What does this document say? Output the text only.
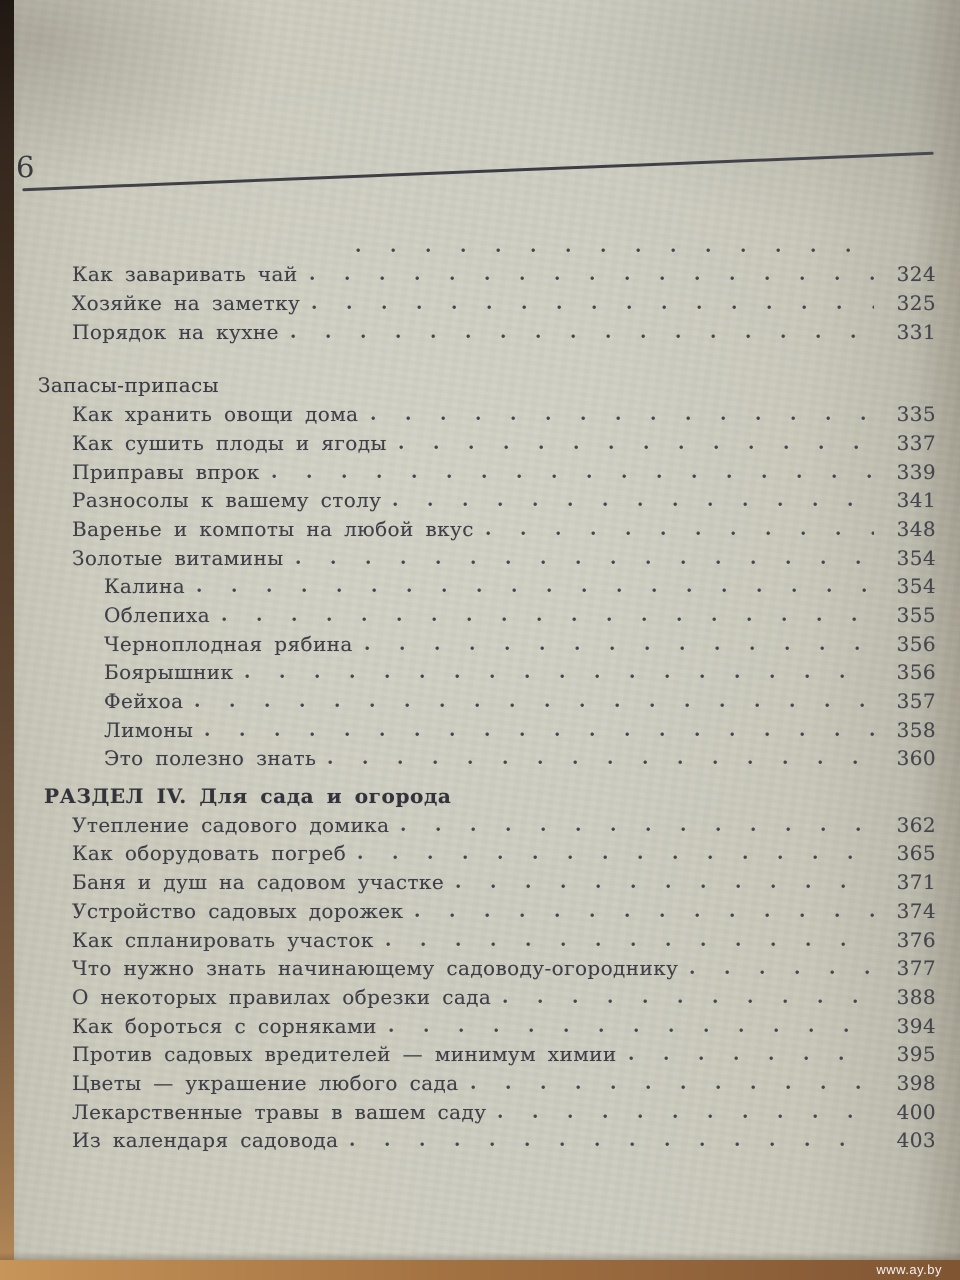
6
Как заваривать чай	324
Хозяйке на заметку	325
Порядок на кухне	331
Запасы-припасы
Как хранить овощи дома	335
Как сушить плоды и ягоды	337
Приправы впрок	339
Разносолы к вашему столу	341
Варенье и компоты на любой вкус	348
Золотые витамины	354
Калина	354
Облепиха	355
Черноплодная рябина	356
Боярышник	356
Фейхоа	357
Лимоны	358
Это полезно знать	360
РАЗДЕЛ IV. Для сада и огорода
Утепление садового домика	362
Как оборудовать погреб	365
Баня и душ на садовом участке	371
Устройство садовых дорожек	374
Как спланировать участок	376
Что нужно знать начинающему садоводу-огороднику	377
О некоторых правилах обрезки сада	388
Как бороться с сорняками	394
Против садовых вредителей — минимум химии	395
Цветы — украшение любого сада	398
Лекарственные травы в вашем саду	400
Из календаря садовода	403
www.ay.by
